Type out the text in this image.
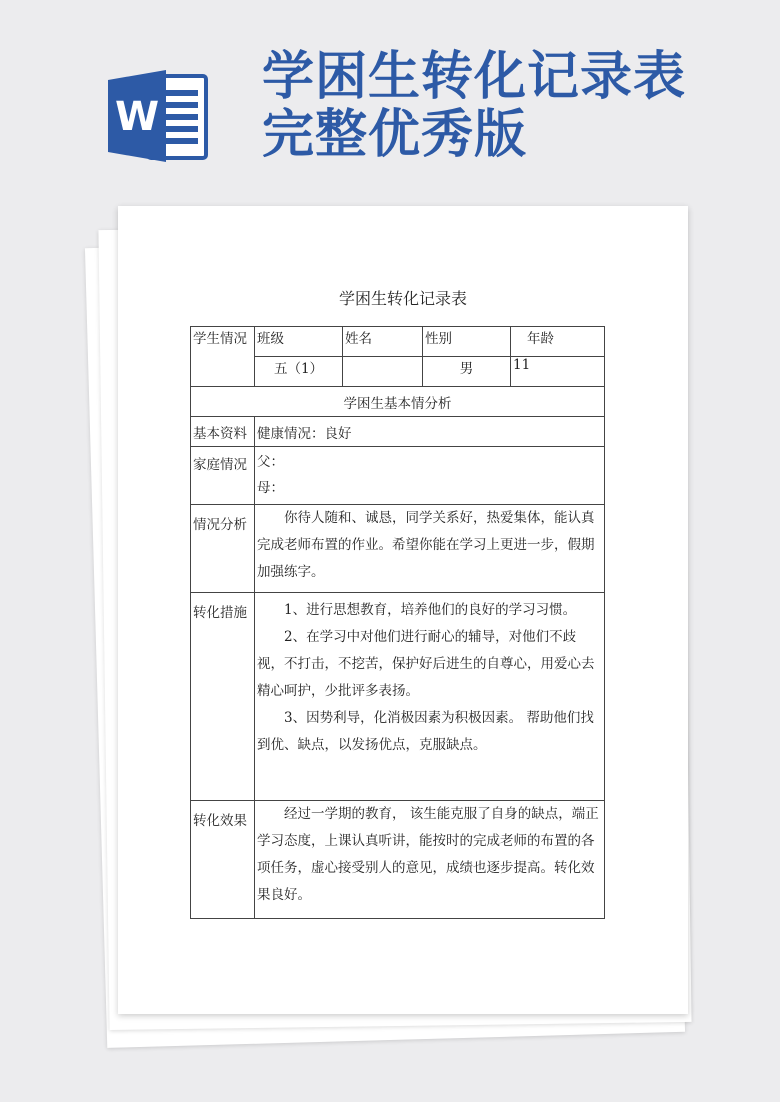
学困生转化记录表
完整优秀版
W
学困生转化记录表
学生情况	班级	姓名	性别	年龄
	五（1）		男	11
学困生基本情分析				
基本资料	健康情况：良好			
家庭情况	父：
母：			

情况分析	你待人随和、诚恳，同学关系好，热爱集体，能认真完成老师布置的作业。希望你能在学习上更进一步，假期加强练字。			
转化措施	1、进行思想教育，培养他们的良好的学习习惯。
2、在学习中对他们进行耐心的辅导，对他们不歧视，不打击，不挖苦，保护好后进生的自尊心，用爱心去精心呵护，少批评多表扬。
3、因势利导，化消极因素为积极因素。 帮助他们找到优、缺点，以发扬优点，克服缺点。			

转化效果	经过一学期的教育， 该生能克服了自身的缺点，端正学习态度，上课认真听讲，能按时的完成老师的布置的各项任务，虚心接受别人的意见，成绩也逐步提高。转化效果良好。			
